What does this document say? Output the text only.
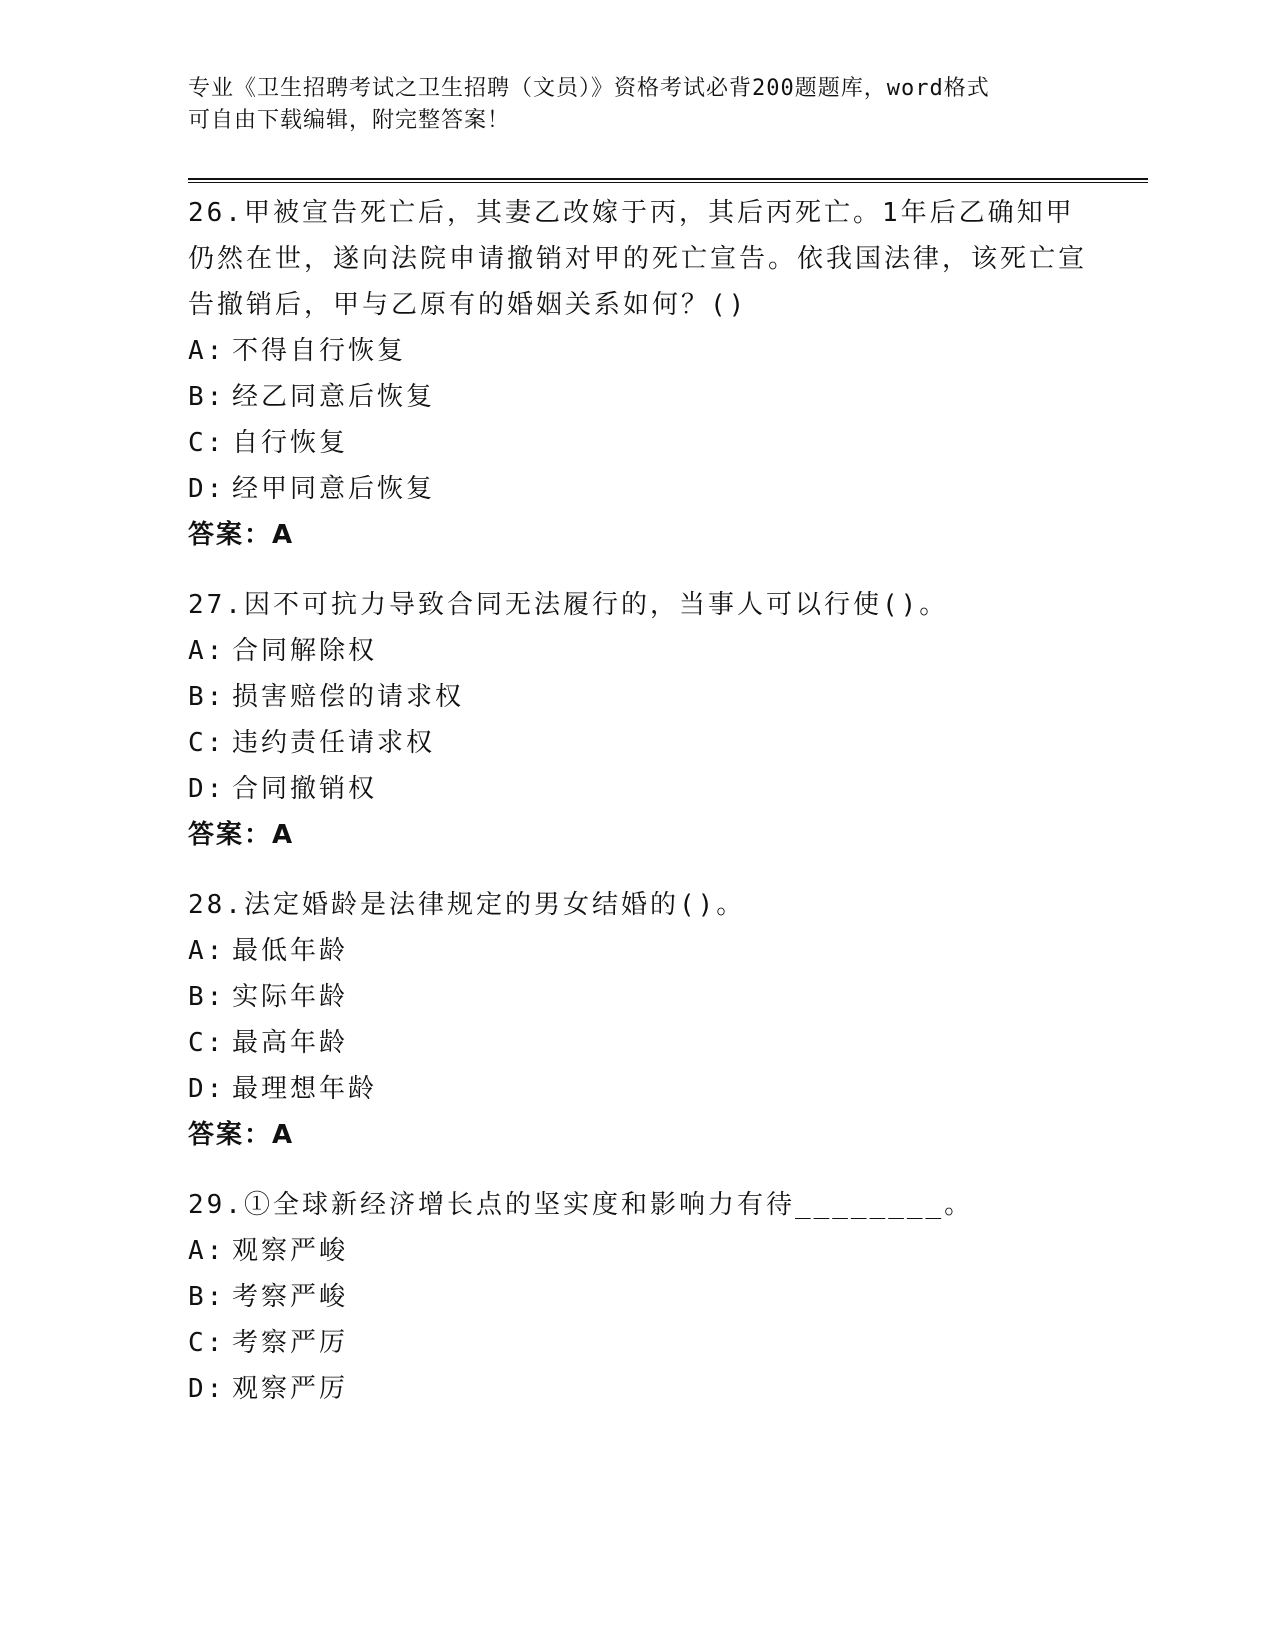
专业《卫生招聘考试之卫生招聘（文员）》资格考试必背200题题库，word格式
可自由下载编辑，附完整答案！

26.甲被宣告死亡后，其妻乙改嫁于丙，其后丙死亡。1年后乙确知甲仍然在世，遂向法院申请撤销对甲的死亡宣告。依我国法律，该死亡宣告撤销后，甲与乙原有的婚姻关系如何？()

A: 不得自行恢复

B: 经乙同意后恢复

C: 自行恢复

D: 经甲同意后恢复

答案：A

27.因不可抗力导致合同无法履行的，当事人可以行使()。

A: 合同解除权

B: 损害赔偿的请求权

C: 违约责任请求权

D: 合同撤销权

答案：A

28.法定婚龄是法律规定的男女结婚的()。

A: 最低年龄

B: 实际年龄

C: 最高年龄

D: 最理想年龄

答案：A

29.①全球新经济增长点的坚实度和影响力有待________。

A: 观察严峻

B: 考察严峻

C: 考察严厉

D: 观察严厉
